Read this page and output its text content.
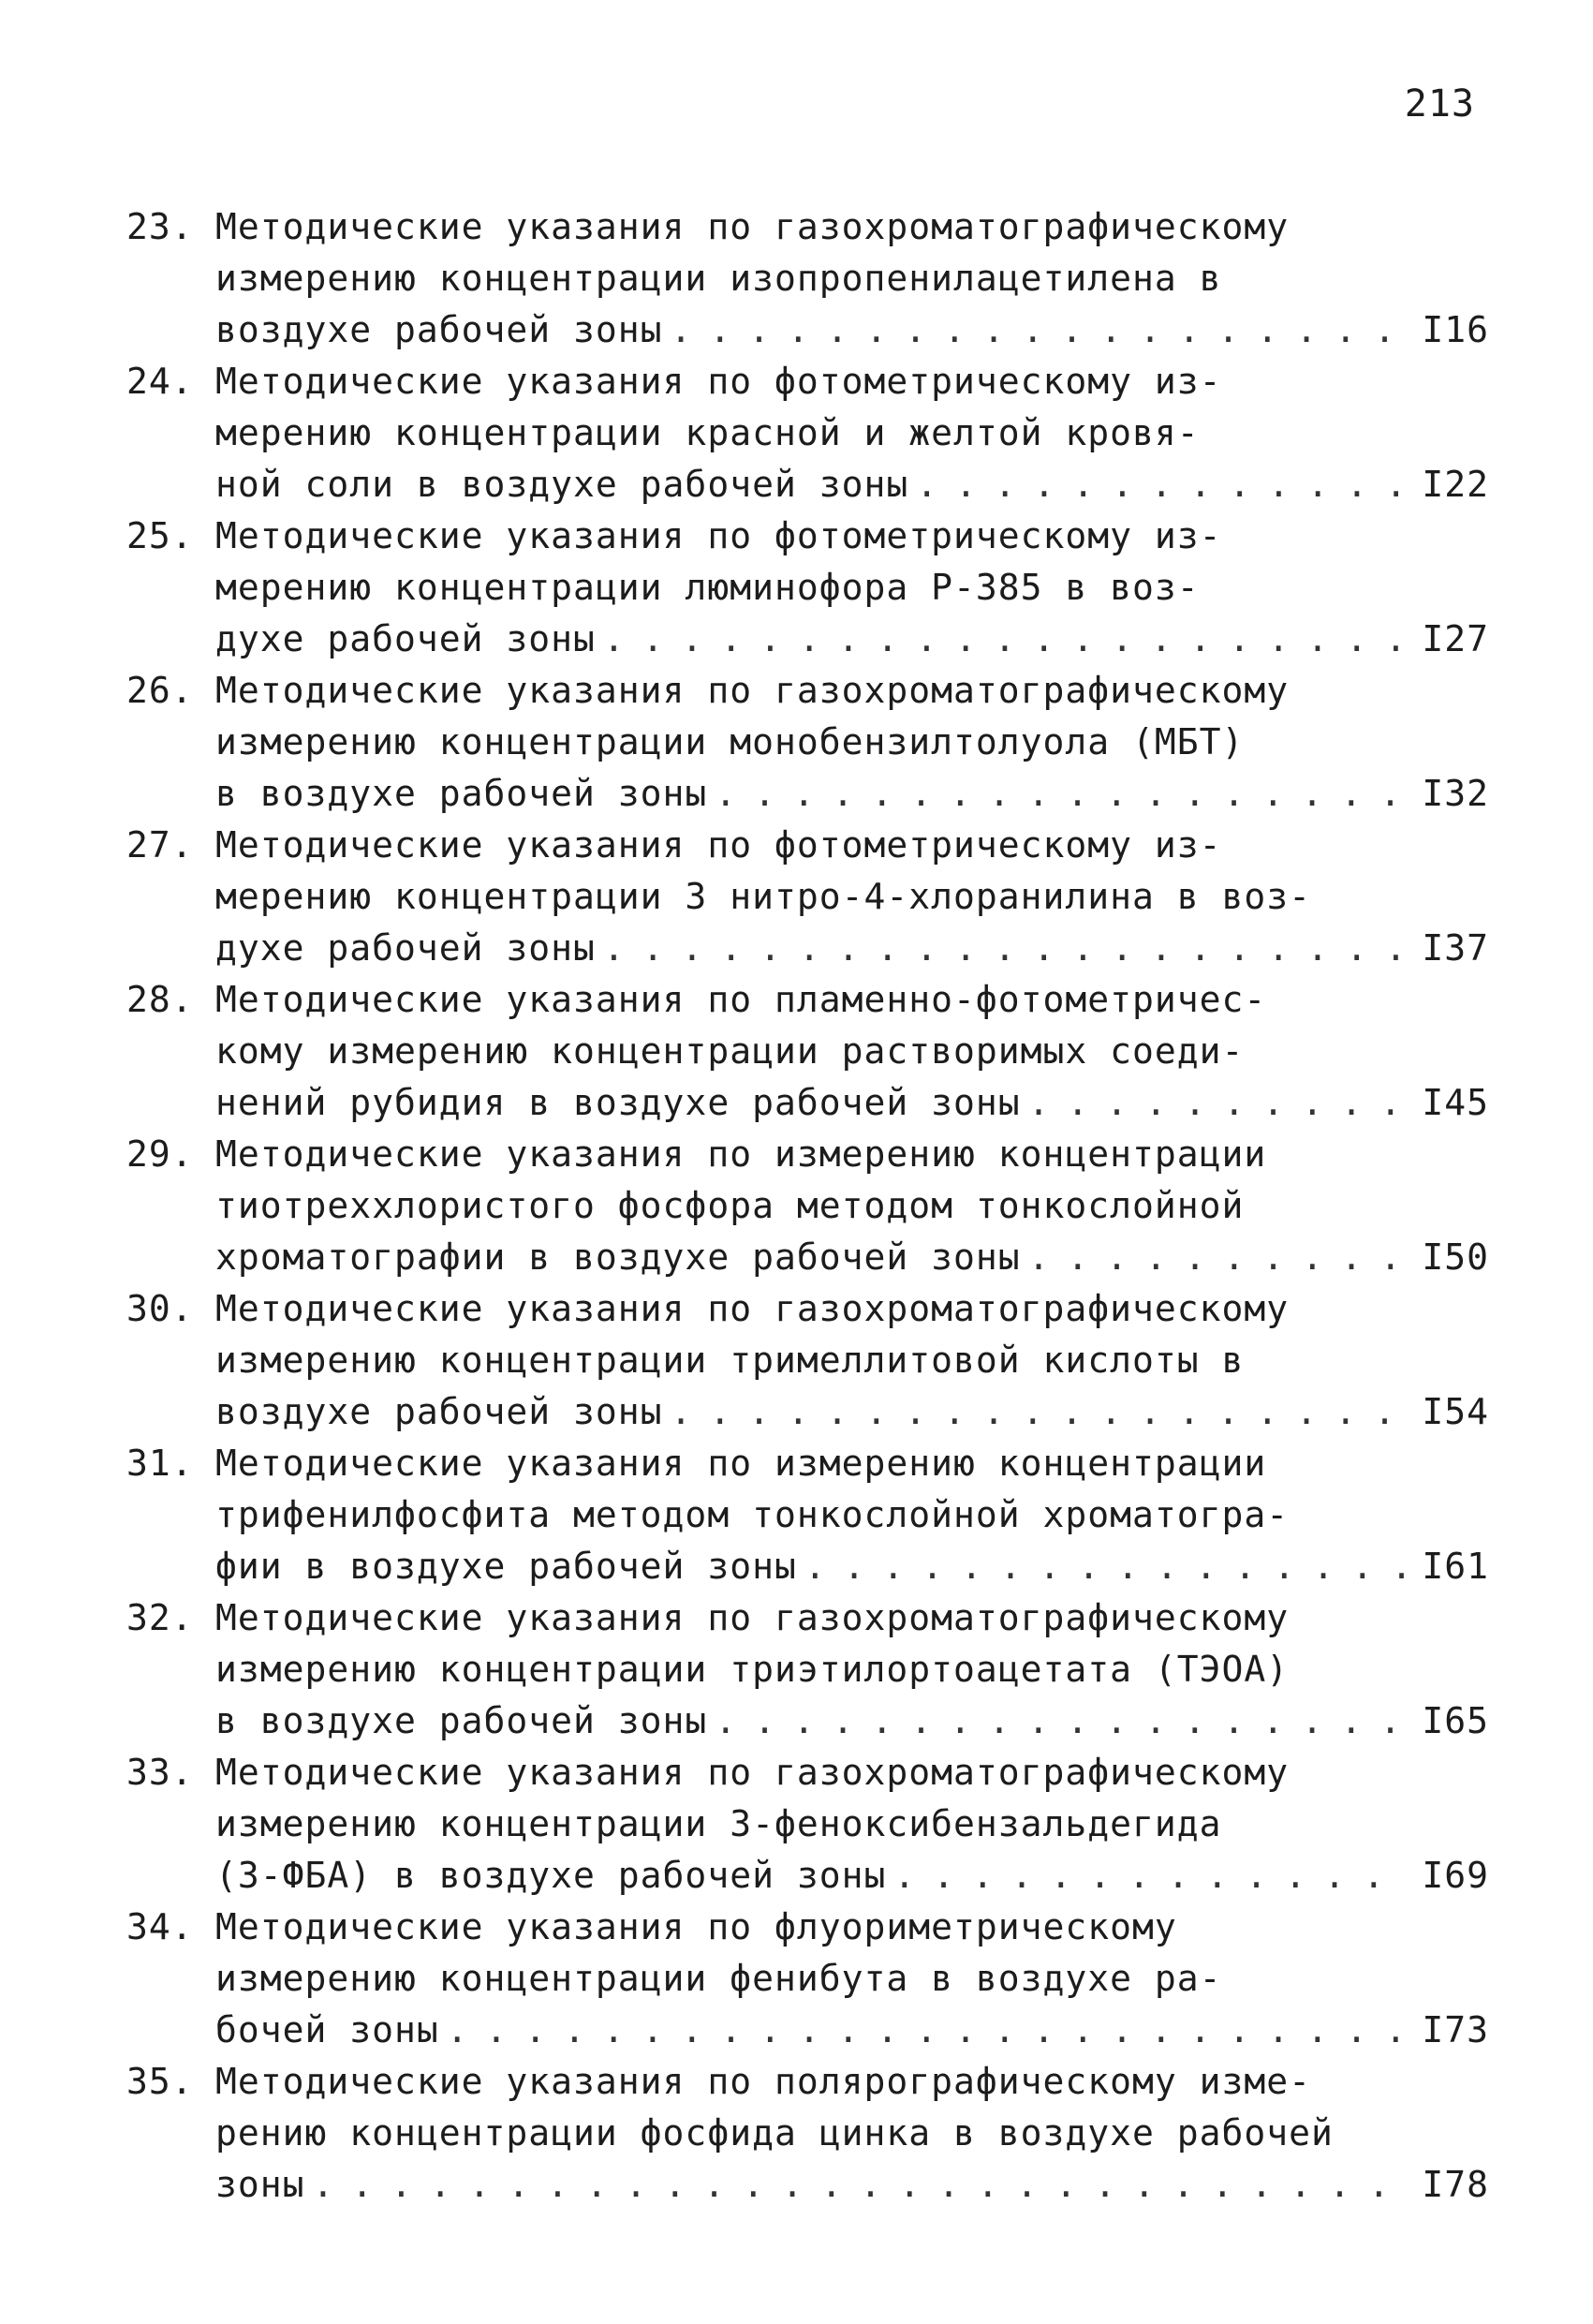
213
23. Методические указания по газохроматографическому
измерению концентрации изопропенилацетилена в
воздухе рабочей зоны . . .	I16
24. Методические указания по фотометрическому из-
мерению концентрации красной и желтой кровя-
ной соли в воздухе рабочей зоны . . .	I22
25. Методические указания по фотометрическому из-
мерению концентрации люминофора Р-385 в воз-
духе рабочей зоны . . .	I27
26. Методические указания по газохроматографическому
измерению концентрации монобензилтолуола (МБТ)
в воздухе рабочей зоны . . .	I32
27. Методические указания по фотометрическому из-
мерению концентрации 3 нитро-4-хлоранилина в воз-
духе рабочей зоны . . .	I37
28. Методические указания по пламенно-фотометричес-
кому измерению концентрации растворимых соеди-
нений рубидия в воздухе рабочей зоны . . .	I45
29. Методические указания по измерению концентрации
тиотреххлористого фосфора методом тонкослойной
хроматографии в воздухе рабочей зоны . . .	I50
30. Методические указания по газохроматографическому
измерению концентрации тримеллитовой кислоты в
воздухе рабочей зоны . . .	I54
31. Методические указания по измерению концентрации
трифенилфосфита методом тонкослойной хроматогра-
фии в воздухе рабочей зоны . . .	I61
32. Методические указания по газохроматографическому
измерению концентрации триэтилортоацетата (ТЭОА)
в воздухе рабочей зоны . . .	I65
33. Методические указания по газохроматографическому
измерению концентрации 3-феноксибензальдегида
(3-ФБА) в воздухе рабочей зоны . . .	I69
34. Методические указания по флуориметрическому
измерению концентрации фенибута в воздухе ра-
бочей зоны . . .	I73
35. Методические указания по полярографическому изме-
рению концентрации фосфида цинка в воздухе рабочей
зоны . . .	I78
